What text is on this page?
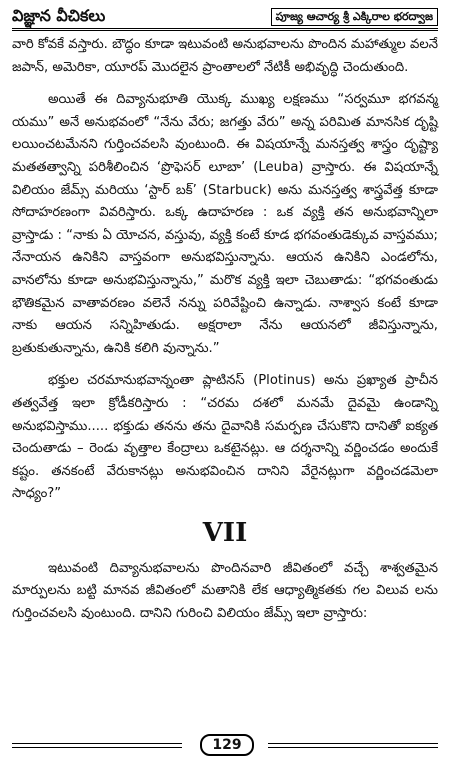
విజ్ఞాన వీచికలు	పూజ్య ఆచార్య శ్రీ ఎక్కిరాల భరద్వాజ

వారి కోవకే వస్తారు. బౌద్ధం కూడా ఇటువంటి అనుభవాలను పొందిన మహాత్ముల వలనే జపాన్, అమెరికా, యూరప్ మొదలైన ప్రాంతాలలో నేటికీ అభివృద్ధి చెందుతుంది.

అయితే ఈ దివ్యానుభూతి యొక్క ముఖ్య లక్షణము “సర్వమూ భగవన్మ యము” అనే అనుభవంలో “నేను వేరు; జగత్తు వేరు” అన్న పరిమిత మానసిక దృష్టి లయించటమేనని గుర్తించవలసి వుంటుంది. ఈ విషయాన్నే మనస్తత్వ శాస్త్రం దృష్ట్యా మతతత్వాన్ని పరిశీలించిన ‘ప్రొఫెసర్ లూబా’ (Leuba) వ్రాస్తారు. ఈ విషయాన్నే విలియం జేమ్స్ మరియు ‘స్టార్ బక్’ (Starbuck) అను మనస్తత్వ శాస్త్రవేత్త కూడా సోదాహరణంగా వివరిస్తారు. ఒక్క ఉదాహరణ : ఒక వ్యక్తి తన అనుభవాన్నిలా వ్రాస్తాడు : “నాకు ఏ యోచన, వస్తువు, వ్యక్తి కంటే కూడ భగవంతుడెక్కువ వాస్తవము; నేనాయన ఉనికిని వాస్తవంగా అనుభవిస్తున్నాను. ఆయన ఉనికిని ఎండలోను, వానలోను కూడా అనుభవిస్తున్నాను,” మరొక వ్యక్తి ఇలా చెబుతాడు: “భగవంతుడు భౌతికమైన వాతావరణం వలెనే నన్ను పరివేష్టించి ఉన్నాడు. నాశ్వాస కంటే కూడా నాకు ఆయన సన్నిహితుడు. అక్షరాలా నేను ఆయనలో జీవిస్తున్నాను, బ్రతుకుతున్నాను, ఉనికి కలిగి వున్నాను.”

భక్తుల చరమానుభవాన్నంతా ప్లాటినస్ (Plotinus) అను ప్రఖ్యాత ప్రాచీన తత్వవేత్త ఇలా క్రోడీకరిస్తారు : “చరమ దశలో మనమే దైవమై ఉండాన్ని అనుభవిస్తాము..... భక్తుడు తనను తను దైవానికి సమర్పణ చేసుకొని దానితో ఐక్యత చెందుతాడు – రెండు వృత్తాల కేంద్రాలు ఒకటైనట్లు. ఆ దర్శనాన్ని వర్ణించడం అందుకే కష్టం. తనకంటే వేరుకానట్లు అనుభవించిన దానిని వేరైనట్లుగా వర్ణించడమెలా సాధ్యం?”

VII

ఇటువంటి దివ్యానుభవాలను పొందినవారి జీవితంలో వచ్చే శాశ్వతమైన మార్పులను బట్టి మానవ జీవితంలో మతానికి లేక ఆధ్యాత్మికతకు గల విలువ లను గుర్తించవలసి వుంటుంది. దానిని గురించి విలియం జేమ్స్ ఇలా వ్రాస్తారు:

129
